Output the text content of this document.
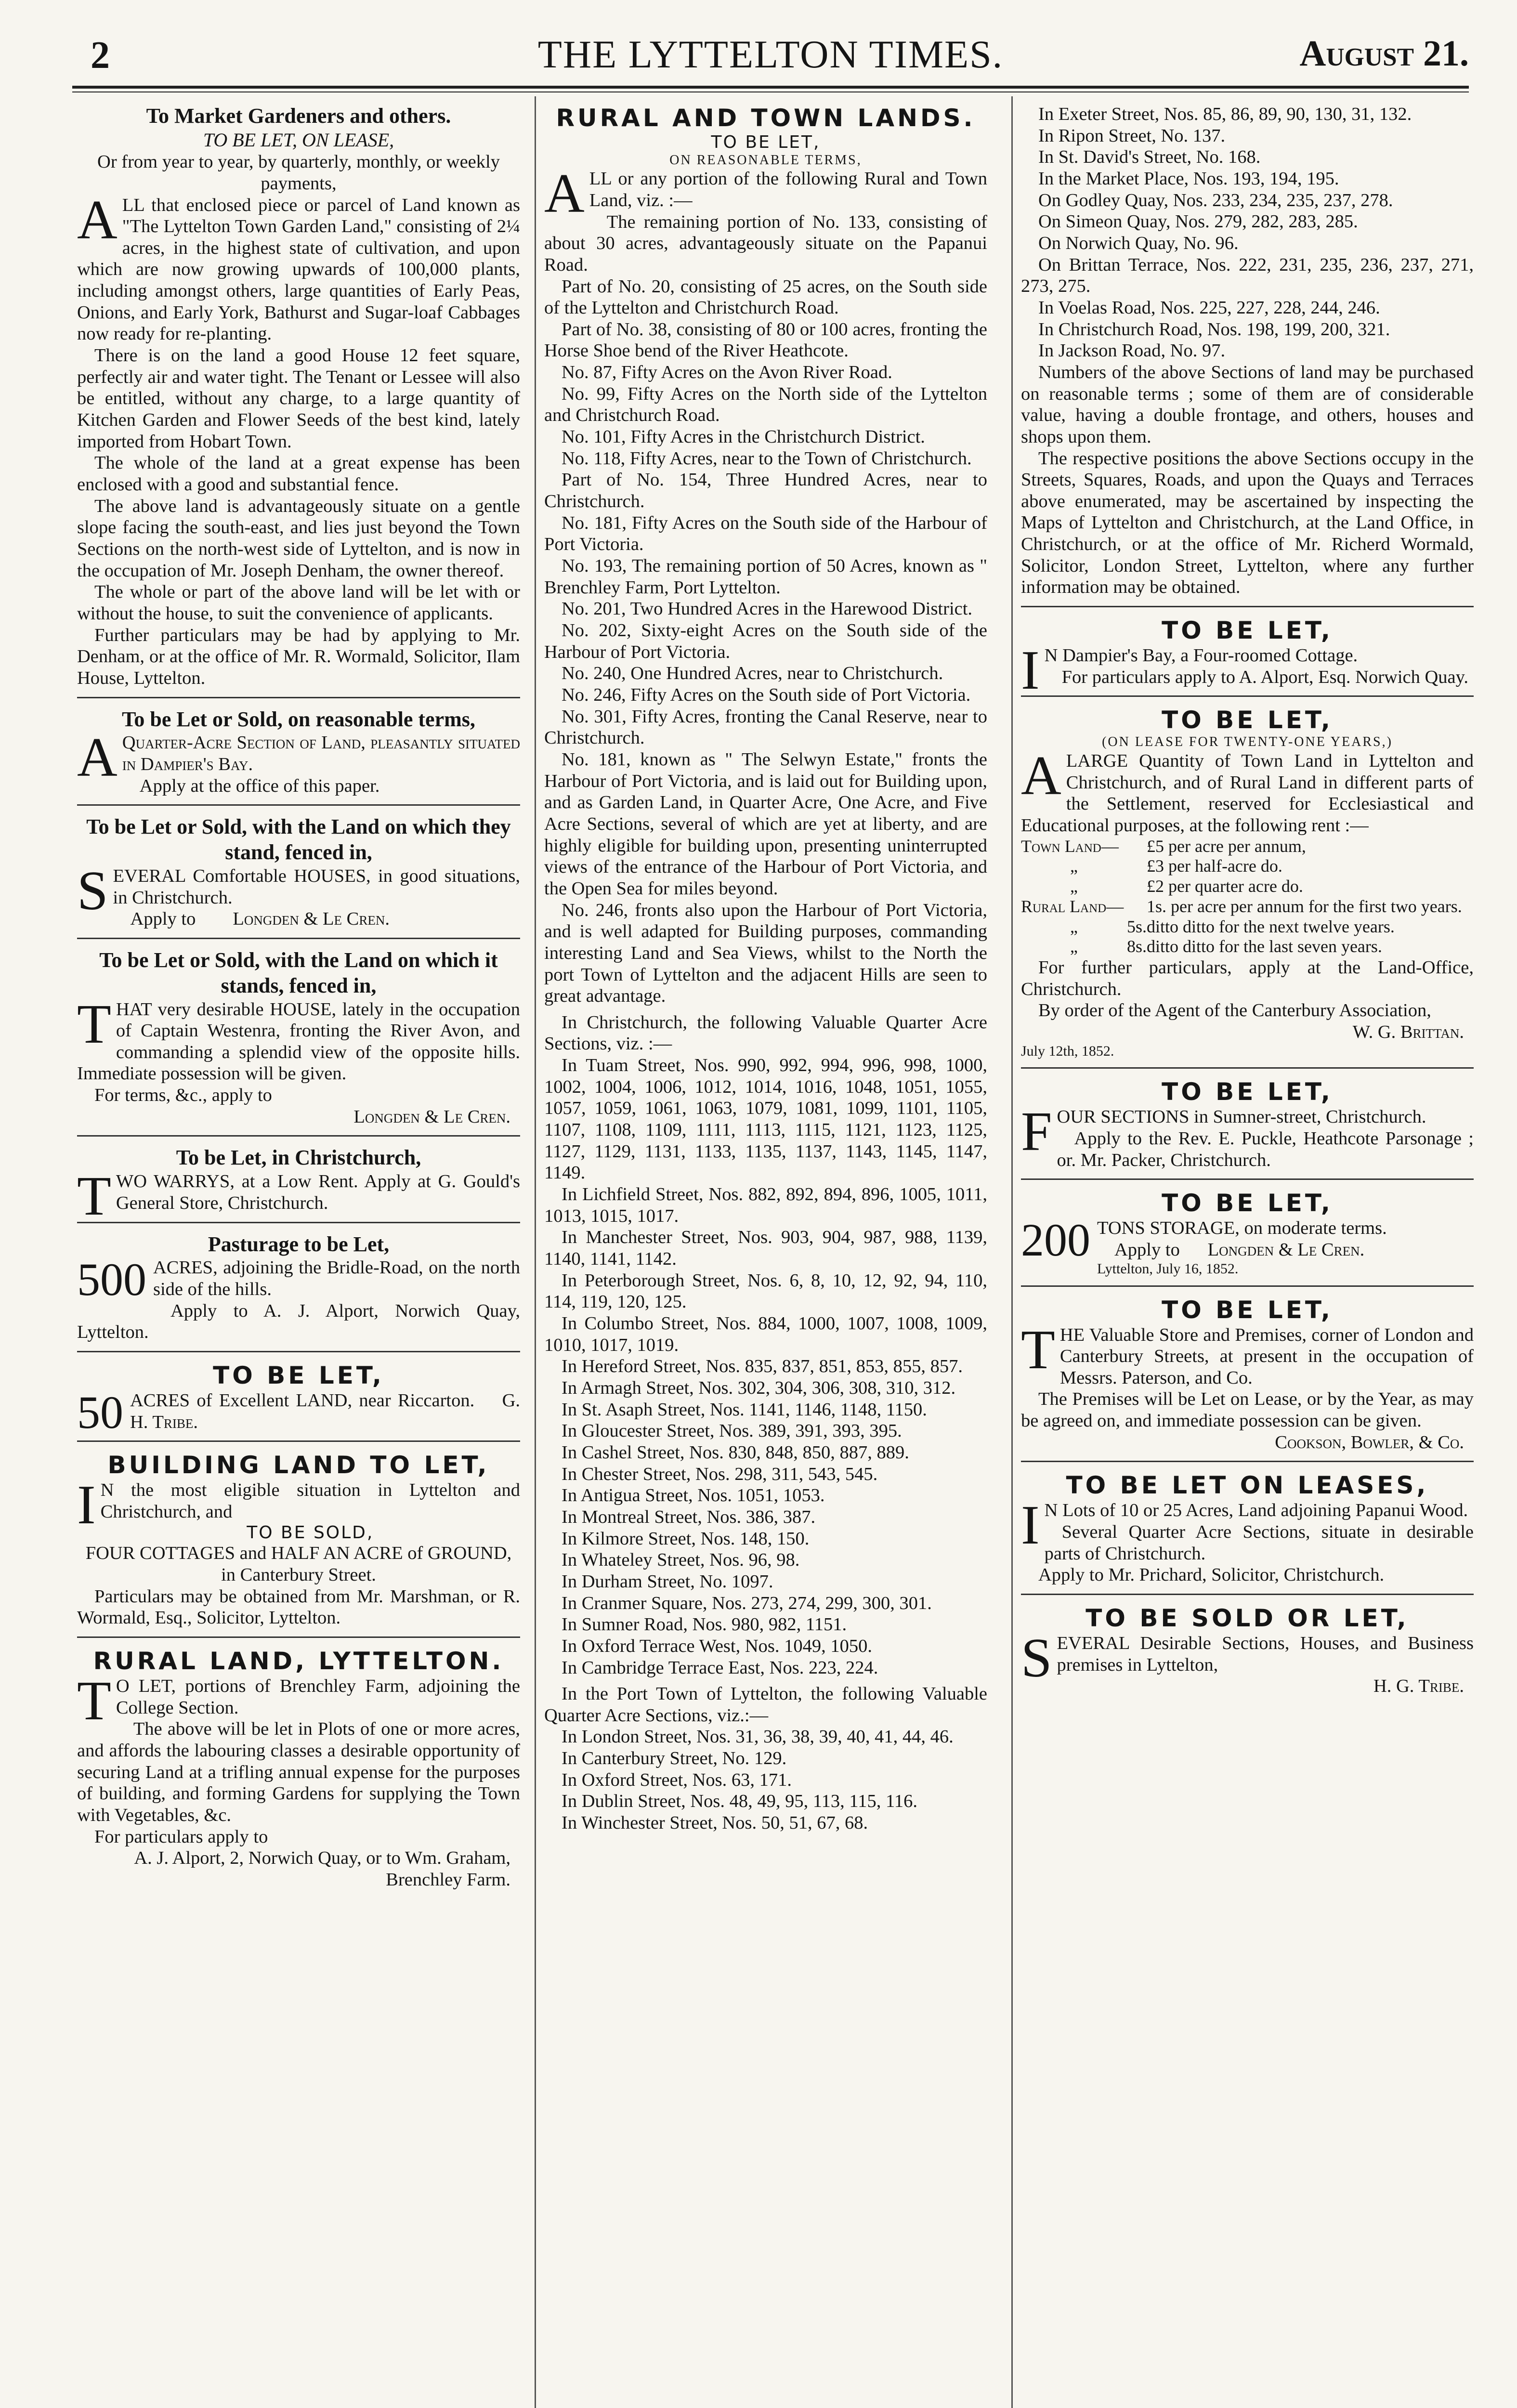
2	THE LYTTELTON TIMES.	August 21.
To Market Gardeners and others.
TO BE LET, ON LEASE,
Or from year to year, by quarterly, monthly, or weekly payments,

ALL that enclosed piece or parcel of Land known as "The Lyttelton Town Garden Land," consisting of 2¼ acres, in the highest state of cultivation, and upon which are now growing upwards of 100,000 plants, including amongst others, large quantities of Early Peas, Onions, and Early York, Bathurst and Sugar-loaf Cabbages now ready for re-planting.

There is on the land a good House 12 feet square, perfectly air and water tight. The Tenant or Lessee will also be entitled, without any charge, to a large quantity of Kitchen Garden and Flower Seeds of the best kind, lately imported from Hobart Town.

The whole of the land at a great expense has been enclosed with a good and substantial fence.

The above land is advantageously situate on a gentle slope facing the south-east, and lies just beyond the Town Sections on the north-west side of Lyttelton, and is now in the occupation of Mr. Joseph Denham, the owner thereof.

The whole or part of the above land will be let with or without the house, to suit the convenience of applicants.

Further particulars may be had by applying to Mr. Denham, or at the office of Mr. R. Wormald, Solicitor, Ilam House, Lyttelton.

To be Let or Sold, on reasonable terms,

A Quarter-Acre Section of Land, pleasantly situated in Dampier's Bay.

Apply at the office of this paper.

To be Let or Sold, with the Land on which they stand, fenced in,

SEVERAL Comfortable HOUSES, in good situations, in Christchurch.

Apply to Longden & Le Cren.

To be Let or Sold, with the Land on which it stands, fenced in,

THAT very desirable HOUSE, lately in the occupation of Captain Westenra, fronting the River Avon, and commanding a splendid view of the opposite hills. Immediate possession will be given.

For terms, &c., apply to

Longden & Le Cren.

To be Let, in Christchurch,

TWO WARRYS, at a Low Rent. Apply at G. Gould's General Store, Christchurch.

Pasturage to be Let,

500 ACRES, adjoining the Bridle-Road, on the north side of the hills.

Apply to A. J. Alport, Norwich Quay, Lyttelton.

TO BE LET,

50 ACRES of Excellent LAND, near Riccarton. G. H. Tribe.

BUILDING LAND TO LET,

I N the most eligible situation in Lyttelton and Christchurch, and

TO BE SOLD,
FOUR COTTAGES and HALF AN ACRE of GROUND, in Canterbury Street.

Particulars may be obtained from Mr. Marshman, or R. Wormald, Esq., Solicitor, Lyttelton.

RURAL LAND, LYTTELTON.

T O LET, portions of Brenchley Farm, adjoining the College Section.

The above will be let in Plots of one or more acres, and affords the labouring classes a desirable opportunity of securing Land at a trifling annual expense for the purposes of building, and forming Gardens for supplying the Town with Vegetables, &c.

For particulars apply to

A. J. Alport, 2, Norwich Quay, or to Wm. Graham, Brenchley Farm.

RURAL AND TOWN LANDS.
TO BE LET,
ON REASONABLE TERMS,

ALL or any portion of the following Rural and Town Land, viz. :—

The remaining portion of No. 133, consisting of about 30 acres, advantageously situate on the Papanui Road.

Part of No. 20, consisting of 25 acres, on the South side of the Lyttelton and Christchurch Road.

Part of No. 38, consisting of 80 or 100 acres, fronting the Horse Shoe bend of the River Heathcote.

No. 87, Fifty Acres on the Avon River Road.

No. 99, Fifty Acres on the North side of the Lyttelton and Christchurch Road.

No. 101, Fifty Acres in the Christchurch District.

No. 118, Fifty Acres, near to the Town of Christchurch.

Part of No. 154, Three Hundred Acres, near to Christchurch.

No. 181, Fifty Acres on the South side of the Harbour of Port Victoria.

No. 193, The remaining portion of 50 Acres, known as " Brenchley Farm, Port Lyttelton.

No. 201, Two Hundred Acres in the Harewood District.

No. 202, Sixty-eight Acres on the South side of the Harbour of Port Victoria.

No. 240, One Hundred Acres, near to Christchurch.

No. 246, Fifty Acres on the South side of Port Victoria.

No. 301, Fifty Acres, fronting the Canal Reserve, near to Christchurch.

No. 181, known as " The Selwyn Estate," fronts the Harbour of Port Victoria, and is laid out for Building upon, and as Garden Land, in Quarter Acre, One Acre, and Five Acre Sections, several of which are yet at liberty, and are highly eligible for building upon, presenting uninterrupted views of the entrance of the Harbour of Port Victoria, and the Open Sea for miles beyond.

No. 246, fronts also upon the Harbour of Port Victoria, and is well adapted for Building purposes, commanding interesting Land and Sea Views, whilst to the North the port Town of Lyttelton and the adjacent Hills are seen to great advantage.

In Christchurch, the following Valuable Quarter Acre Sections, viz. :—

In Tuam Street, Nos. 990, 992, 994, 996, 998, 1000, 1002, 1004, 1006, 1012, 1014, 1016, 1048, 1051, 1055, 1057, 1059, 1061, 1063, 1079, 1081, 1099, 1101, 1105, 1107, 1108, 1109, 1111, 1113, 1115, 1121, 1123, 1125, 1127, 1129, 1131, 1133, 1135, 1137, 1143, 1145, 1147, 1149.

In Lichfield Street, Nos. 882, 892, 894, 896, 1005, 1011, 1013, 1015, 1017.

In Manchester Street, Nos. 903, 904, 987, 988, 1139, 1140, 1141, 1142.

In Peterborough Street, Nos. 6, 8, 10, 12, 92, 94, 110, 114, 119, 120, 125.

In Columbo Street, Nos. 884, 1000, 1007, 1008, 1009, 1010, 1017, 1019.

In Hereford Street, Nos. 835, 837, 851, 853, 855, 857.

In Armagh Street, Nos. 302, 304, 306, 308, 310, 312.

In St. Asaph Street, Nos. 1141, 1146, 1148, 1150.

In Gloucester Street, Nos. 389, 391, 393, 395.

In Cashel Street, Nos. 830, 848, 850, 887, 889.

In Chester Street, Nos. 298, 311, 543, 545.

In Antigua Street, Nos. 1051, 1053.

In Montreal Street, Nos. 386, 387.

In Kilmore Street, Nos. 148, 150.

In Whateley Street, Nos. 96, 98.

In Durham Street, No. 1097.

In Cranmer Square, Nos. 273, 274, 299, 300, 301.

In Sumner Road, Nos. 980, 982, 1151.

In Oxford Terrace West, Nos. 1049, 1050.

In Cambridge Terrace East, Nos. 223, 224.

In the Port Town of Lyttelton, the following Valuable Quarter Acre Sections, viz.:—

In London Street, Nos. 31, 36, 38, 39, 40, 41, 44, 46.

In Canterbury Street, No. 129.

In Oxford Street, Nos. 63, 171.

In Dublin Street, Nos. 48, 49, 95, 113, 115, 116.

In Winchester Street, Nos. 50, 51, 67, 68.

In Exeter Street, Nos. 85, 86, 89, 90, 130, 31, 132.

In Ripon Street, No. 137.

In St. David's Street, No. 168.

In the Market Place, Nos. 193, 194, 195.

On Godley Quay, Nos. 233, 234, 235, 237, 278.

On Simeon Quay, Nos. 279, 282, 283, 285.

On Norwich Quay, No. 96.

On Brittan Terrace, Nos. 222, 231, 235, 236, 237, 271, 273, 275.

In Voelas Road, Nos. 225, 227, 228, 244, 246.

In Christchurch Road, Nos. 198, 199, 200, 321.

In Jackson Road, No. 97.

Numbers of the above Sections of land may be purchased on reasonable terms ; some of them are of considerable value, having a double frontage, and others, houses and shops upon them.

The respective positions the above Sections occupy in the Streets, Squares, Roads, and upon the Quays and Terraces above enumerated, may be ascertained by inspecting the Maps of Lyttelton and Christchurch, at the Land Office, in Christchurch, or at the office of Mr. Richerd Wormald, Solicitor, London Street, Lyttelton, where any further information may be obtained.

TO BE LET,

I N Dampier's Bay, a Four-roomed Cottage.

For particulars apply to A. Alport, Esq. Norwich Quay.

TO BE LET,
(ON LEASE FOR TWENTY-ONE YEARS,)

ALARGE Quantity of Town Land in Lyttelton and Christchurch, and of Rural Land in different parts of the Settlement, reserved for Ecclesiastical and Educational purposes, at the following rent :—

Town Land—		£5 per acre per annum,
„		£3 per half-acre do.
„		£2 per quarter acre do.
Rural Land—		1s. per acre per annum for the first two years.
„	5s.	ditto ditto for the next twelve years.
„	8s.	ditto ditto for the last seven years.

For further particulars, apply at the Land-Office, Christchurch.

By order of the Agent of the Canterbury Association,

W. G. Brittan.

July 12th, 1852.

TO BE LET,

FOUR SECTIONS in Sumner-street, Christchurch.

Apply to the Rev. E. Puckle, Heathcote Parsonage ; or. Mr. Packer, Christchurch.

TO BE LET,

200 TONS STORAGE, on moderate terms.

Apply to Longden & Le Cren.

Lyttelton, July 16, 1852.

TO BE LET,

THE Valuable Store and Premises, corner of London and Canterbury Streets, at present in the occupation of Messrs. Paterson, and Co.

The Premises will be Let on Lease, or by the Year, as may be agreed on, and immediate possession can be given.

Cookson, Bowler, & Co.

TO BE LET ON LEASES,

I N Lots of 10 or 25 Acres, Land adjoining Papanui Wood.

Several Quarter Acre Sections, situate in desirable parts of Christchurch.

Apply to Mr. Prichard, Solicitor, Christchurch.

TO BE SOLD OR LET,

SEVERAL Desirable Sections, Houses, and Business premises in Lyttelton,

H. G. Tribe.
